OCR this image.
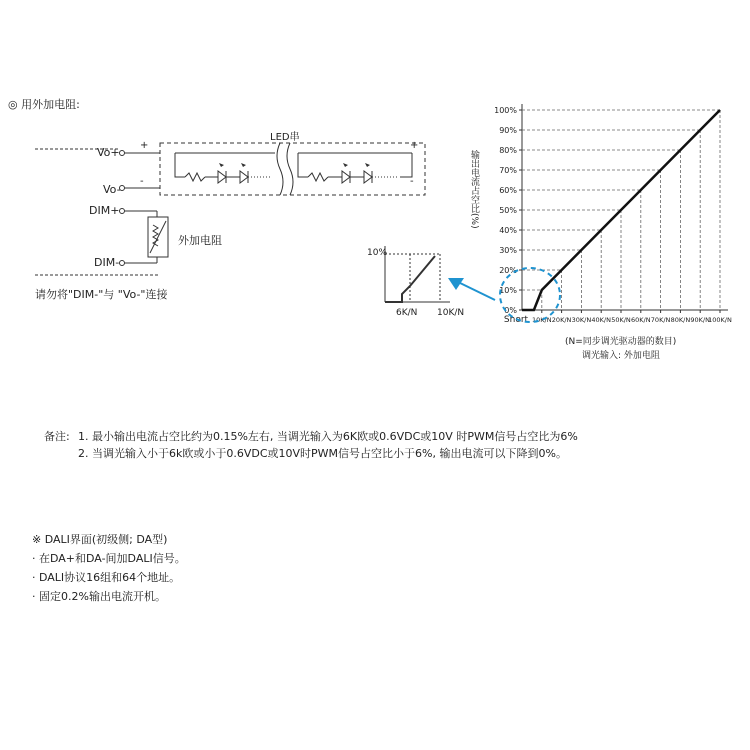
◎ 用外加电阻:
Vo+
Vo-
DIM+
DIM-
+
-
+
-
LED串
外加电阻
请勿将"DIM-"与 "Vo-"连接
10%
6K/N 10K/N	0%
10%
20%
30%
40%
50%
60%
70%
80%
90%
100%
Short 10K/N 20K/N 30K/N 40K/N 50K/N 60K/N 70K/N 80K/N 90K/N
100K/N
输出电流占空比(%)
(N=同步调光驱动器的数目)
调光输入: 外加电阻
备注: 1. 最小输出电流占空比约为0.15%左右, 当调光输入为6K欧或0.6VDC或10V 时PWM信号占空比为6%
2. 当调光输入小于6k欧或小于0.6VDC或10V时PWM信号占空比小于6%, 输出电流可以下降到0%。
※ DALI界面(初级侧; DA型)
· 在DA+和DA-间加DALI信号。
· DALI协议16组和64个地址。
· 固定0.2%输出电流开机。
